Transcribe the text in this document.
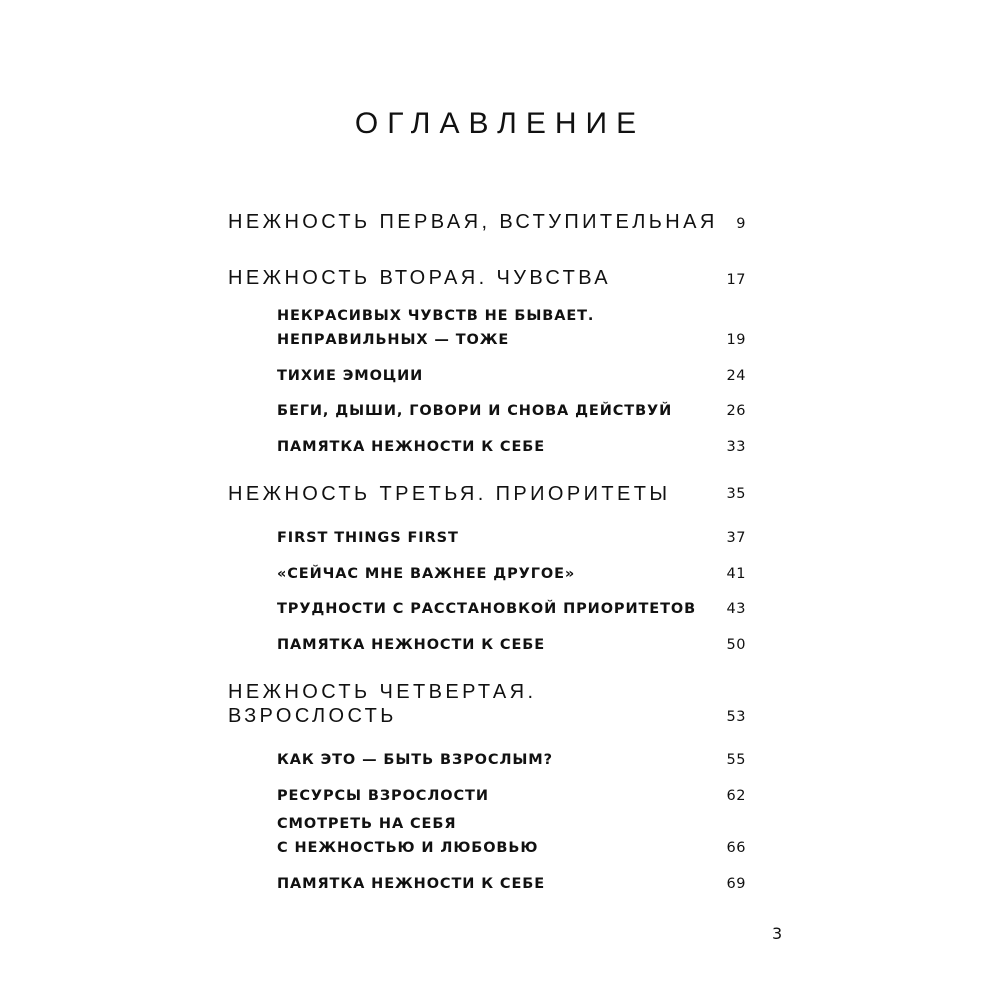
ОГЛАВЛЕНИЕ
НЕЖНОСТЬ ПЕРВАЯ, ВСТУПИТЕЛЬНАЯ 9
НЕЖНОСТЬ ВТОРАЯ. ЧУВСТВА	17
НЕКРАСИВЫХ ЧУВСТВ НЕ БЫВАЕТ.
НЕПРАВИЛЬНЫХ — ТОЖЕ	19
ТИХИЕ ЭМОЦИИ	24
БЕГИ, ДЫШИ, ГОВОРИ И СНОВА ДЕЙСТВУЙ	26
ПАМЯТКА НЕЖНОСТИ К СЕБЕ	33
НЕЖНОСТЬ ТРЕТЬЯ. ПРИОРИТЕТЫ	35
FIRST THINGS FIRST	37
«СЕЙЧАС МНЕ ВАЖНЕЕ ДРУГОЕ»	41
ТРУДНОСТИ С РАССТАНОВКОЙ ПРИОРИТЕТОВ 43
ПАМЯТКА НЕЖНОСТИ К СЕБЕ	50
НЕЖНОСТЬ ЧЕТВЕРТАЯ.
ВЗРОСЛОСТЬ	53
КАК ЭТО — БЫТЬ ВЗРОСЛЫМ?	55
РЕСУРСЫ ВЗРОСЛОСТИ	62
СМОТРЕТЬ НА СЕБЯ
С НЕЖНОСТЬЮ И ЛЮБОВЬЮ	66
ПАМЯТКА НЕЖНОСТИ К СЕБЕ	69
3
